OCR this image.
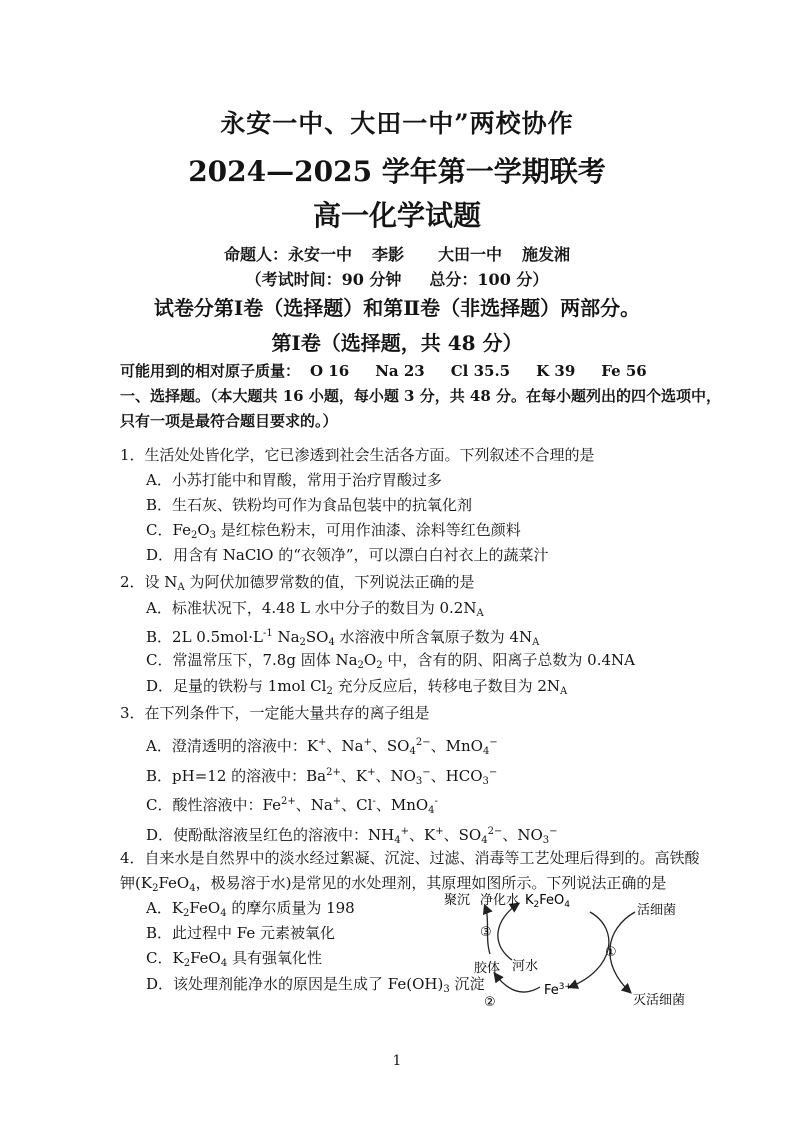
永安一中、大田一中”两校协作
2024—2025 学年第一学期联考
高一化学试题
命题人：永安一中 李影 大田一中 施发湘
（考试时间：90 分钟 总分：100 分）
试卷分第Ⅰ卷（选择题）和第Ⅱ卷（非选择题）两部分。
第Ⅰ卷（选择题，共 48 分）
可能用到的相对原子质量： O 16 Na 23 Cl 35.5 K 39 Fe 56
一、选择题。（本大题共 16 小题，每小题 3 分，共 48 分。在每小题列出的四个选项中，
只有一项是最符合题目要求的。）
1．生活处处皆化学，它已渗透到社会生活各方面。下列叙述不合理的是
A．小苏打能中和胃酸，常用于治疗胃酸过多
B．生石灰、铁粉均可作为食品包装中的抗氧化剂
C．$Fe_2O_3$ 是红棕色粉末，可用作油漆、涂料等红色颜料
D．用含有 NaClO 的“衣领净”，可以漂白白衬衣上的蔬菜汁
2．设 $N_A$ 为阿伏加德罗常数的值，下列说法正确的是
A．标准状况下，4.48 L 水中分子的数目为 $0.2N_A$
B．2L $0.5mol\cdot L^{-1}$ $Na_2SO_4$ 水溶液中所含氧原子数为 $4N_A$
C．常温常压下，7.8g 固体 $Na_2O_2$ 中，含有的阴、阳离子总数为 0.4NA
D．足量的铁粉与 1mol $Cl_2$ 充分反应后，转移电子数目为 $2N_A$
3．在下列条件下，一定能大量共存的离子组是
A．澄清透明的溶液中：K+、Na+、$SO_4^{2-}$、MnO$_4$−
B．pH=12 的溶液中：$Ba^{2+}$、K+、$NO_3^-$、$HCO_3^-$
C．酸性溶液中：$Fe^{2+}$、Na+、Cl-、MnO$_4$-
D．使酚酞溶液呈红色的溶液中：$NH_4^+$、K+、$SO_4^{2-}$、$NO_3^-$
4．自来水是自然界中的淡水经过絮凝、沉淀、过滤、消毒等工艺处理后得到的。高铁酸
钾($K_2FeO_4$，极易溶于水)是常见的水处理剂，其原理如图所示。下列说法正确的是
A．$K_2FeO_4$ 的摩尔质量为 198
B．此过程中 Fe 元素被氧化
C．$K_2FeO_4$ 具有强氧化性
D．该处理剂能净水的原因是生成了 $Fe(OH)_3$ 沉淀
聚沉 净化水 $K_2FeO_4$	活细菌
③
①
胶体 河水
②
$Fe^{3+}$
灭活细菌
1
